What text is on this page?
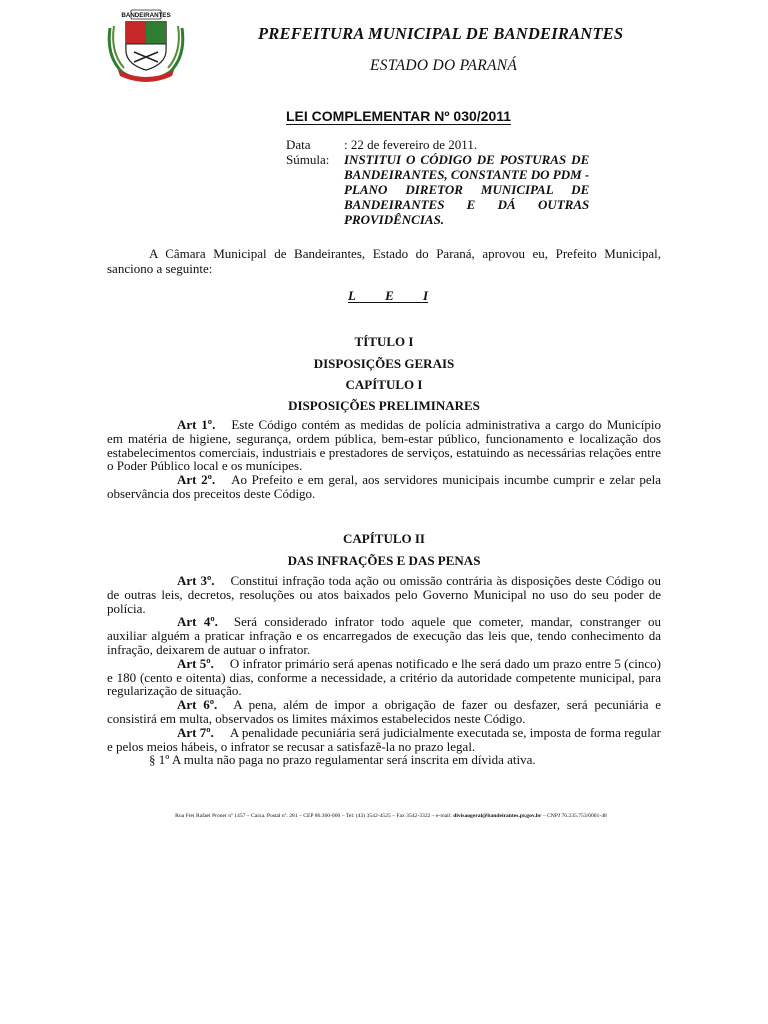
BANDEIRANTES
PREFEITURA MUNICIPAL DE BANDEIRANTES
ESTADO DO PARANÁ
LEI COMPLEMENTAR Nº 030/2011
Data	: 22 de fevereiro de 2011.
Súmula:	INSTITUI O CÓDIGO DE POSTURAS DE
BANDEIRANTES, CONSTANTE DO PDM -
PLANO DIRETOR MUNICIPAL DE
BANDEIRANTES E DÁ OUTRAS
PROVIDÊNCIAS.

A Câmara Municipal de Bandeirantes, Estado do Paraná, aprovou eu, Prefeito Municipal, sanciono a seguinte:

L E I
TÍTULO I
DISPOSIÇÕES GERAIS
CAPÍTULO I
DISPOSIÇÕES PRELIMINARES

Art 1º. Este Código contém as medidas de polícia administrativa a cargo do Município em matéria de higiene, segurança, ordem pública, bem-estar público, funcionamento e localização dos estabelecimentos comerciais, industriais e prestadores de serviços, estatuindo as necessárias relações entre o Poder Público local e os munícipes.

Art 2º. Ao Prefeito e em geral, aos servidores municipais incumbe cumprir e zelar pela observância dos preceitos deste Código.

CAPÍTULO II
DAS INFRAÇÕES E DAS PENAS

Art 3º. Constitui infração toda ação ou omissão contrária às disposições deste Código ou de outras leis, decretos, resoluções ou atos baixados pelo Governo Municipal no uso do seu poder de polícia.

Art 4º. Será considerado infrator todo aquele que cometer, mandar, constranger ou auxiliar alguém a praticar infração e os encarregados de execução das leis que, tendo conhecimento da infração, deixarem de autuar o infrator.

Art 5º. O infrator primário será apenas notificado e lhe será dado um prazo entre 5 (cinco) e 180 (cento e oitenta) dias, conforme a necessidade, a critério da autoridade competente municipal, para regularização de situação.

Art 6º. A pena, além de impor a obrigação de fazer ou desfazer, será pecuniária e consistirá em multa, observados os limites máximos estabelecidos neste Código.

Art 7º. A penalidade pecuniária será judicialmente executada se, imposta de forma regular e pelos meios hábeis, o infrator se recusar a satisfazê-la no prazo legal.

§ 1º A multa não paga no prazo regulamentar será inscrita em dívida ativa.

Rua Frei Rafael Proner nº 1457 – Caixa. Postal nº. 281 – CEP 86.360-000 – Tel: (43) 3542-4525 – Fax 3542-3322 – e-mail: divisaogeral@bandeirantes.pr.gov.br – CNPJ 76.235.753/0001-48
